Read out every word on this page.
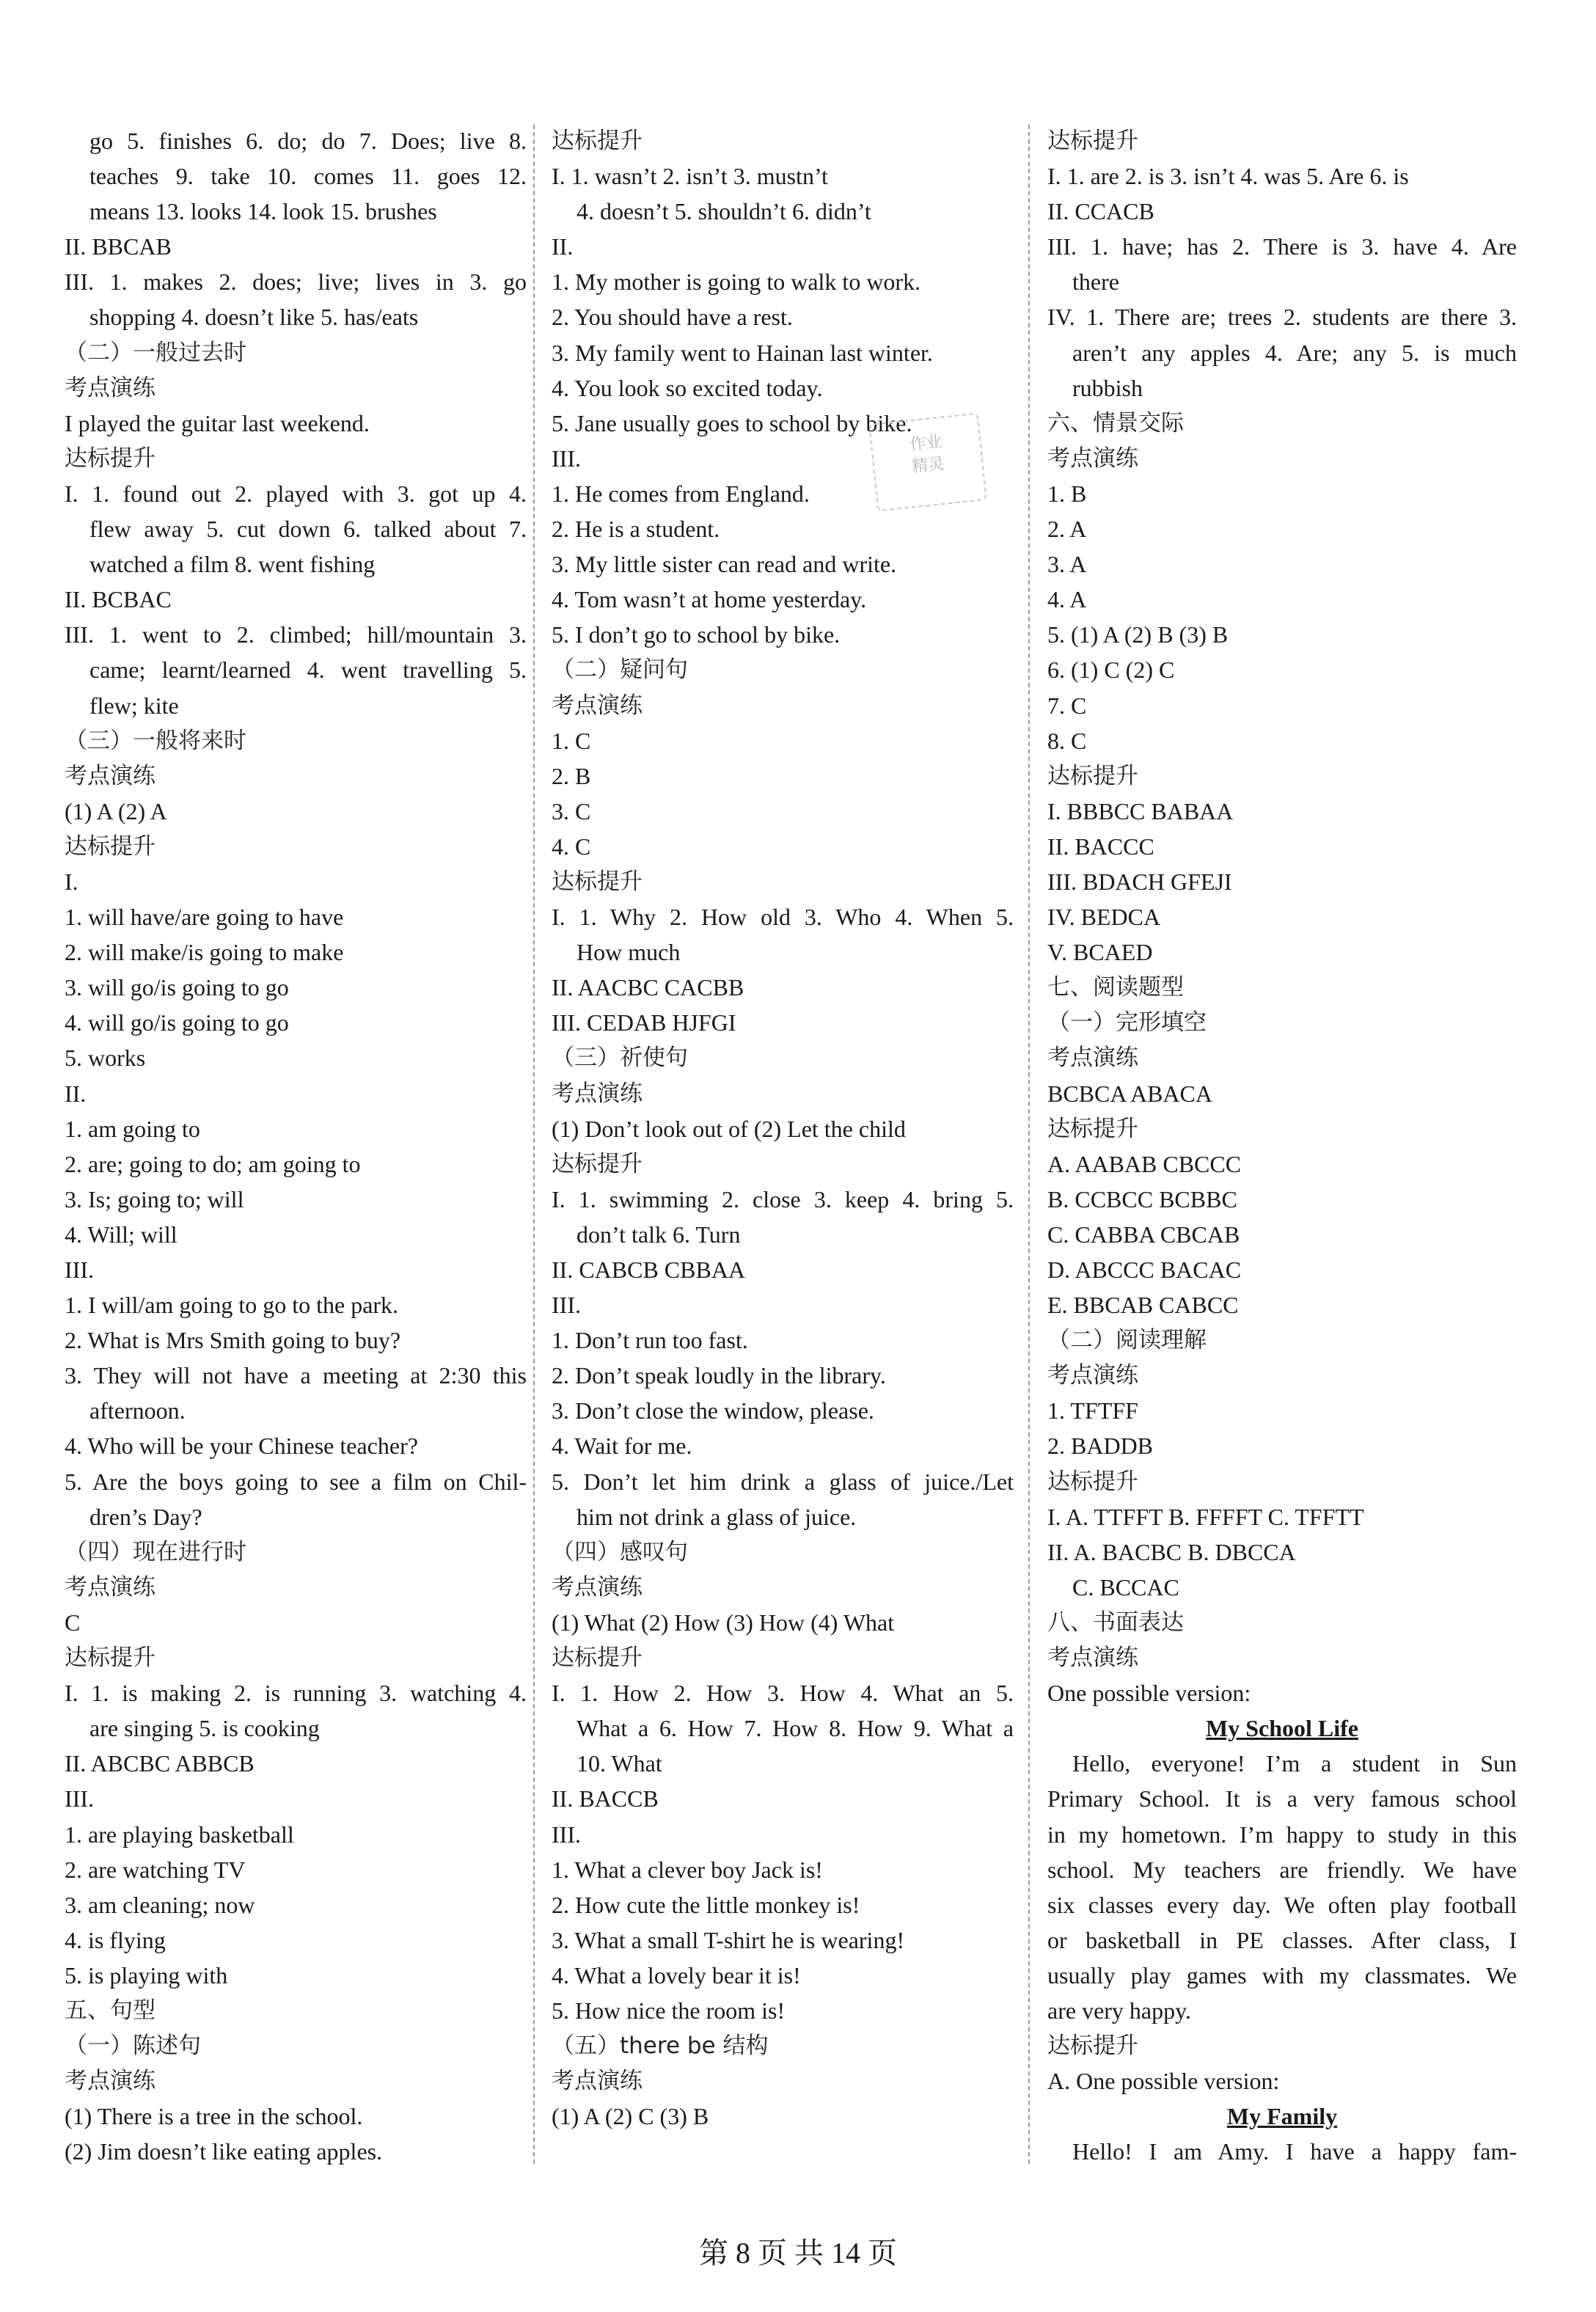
go 5. finishes 6. do; do 7. Does; live 8.
teaches 9. take 10. comes 11. goes 12.
means 13. looks 14. look 15. brushes
II. BBCAB
III. 1. makes 2. does; live; lives in 3. go
shopping 4. doesn’t like 5. has/eats
（二）一般过去时
考点演练
I played the guitar last weekend.
达标提升
I. 1. found out 2. played with 3. got up 4.
flew away 5. cut down 6. talked about 7.
watched a film 8. went fishing
II. BCBAC
III. 1. went to 2. climbed; hill/mountain 3.
came; learnt/learned 4. went travelling 5.
flew; kite
（三）一般将来时
考点演练
(1) A (2) A
达标提升
I.
1. will have/are going to have
2. will make/is going to make
3. will go/is going to go
4. will go/is going to go
5. works
II.
1. am going to
2. are; going to do; am going to
3. Is; going to; will
4. Will; will
III.
1. I will/am going to go to the park.
2. What is Mrs Smith going to buy?
3. They will not have a meeting at 2:30 this
afternoon.
4. Who will be your Chinese teacher?
5. Are the boys going to see a film on Chil-
dren’s Day?
（四）现在进行时
考点演练
C
达标提升
I. 1. is making 2. is running 3. watching 4.
are singing 5. is cooking
II. ABCBC ABBCB
III.
1. are playing basketball
2. are watching TV
3. am cleaning; now
4. is flying
5. is playing with
五、句型
（一）陈述句
考点演练
(1) There is a tree in the school.
(2) Jim doesn’t like eating apples.
达标提升
I. 1. wasn’t 2. isn’t 3. mustn’t
4. doesn’t 5. shouldn’t 6. didn’t
II.
1. My mother is going to walk to work.
2. You should have a rest.
3. My family went to Hainan last winter.
4. You look so excited today.
5. Jane usually goes to school by bike.
III.
1. He comes from England.
2. He is a student.
3. My little sister can read and write.
4. Tom wasn’t at home yesterday.
5. I don’t go to school by bike.
（二）疑问句
考点演练
1. C
2. B
3. C
4. C
达标提升
I. 1. Why 2. How old 3. Who 4. When 5.
How much
II. AACBC CACBB
III. CEDAB HJFGI
（三）祈使句
考点演练
(1) Don’t look out of (2) Let the child
达标提升
I. 1. swimming 2. close 3. keep 4. bring 5.
don’t talk 6. Turn
II. CABCB CBBAA
III.
1. Don’t run too fast.
2. Don’t speak loudly in the library.
3. Don’t close the window, please.
4. Wait for me.
5. Don’t let him drink a glass of juice./Let
him not drink a glass of juice.
（四）感叹句
考点演练
(1) What (2) How (3) How (4) What
达标提升
I. 1. How 2. How 3. How 4. What an 5.
What a 6. How 7. How 8. How 9. What a
10. What
II. BACCB
III.
1. What a clever boy Jack is!
2. How cute the little monkey is!
3. What a small T-shirt he is wearing!
4. What a lovely bear it is!
5. How nice the room is!
（五）there be 结构
考点演练
(1) A (2) C (3) B
达标提升
I. 1. are 2. is 3. isn’t 4. was 5. Are 6. is
II. CCACB
III. 1. have; has 2. There is 3. have 4. Are
there
IV. 1. There are; trees 2. students are there 3.
aren’t any apples 4. Are; any 5. is much
rubbish
六、情景交际
考点演练
1. B
2. A
3. A
4. A
5. (1) A (2) B (3) B
6. (1) C (2) C
7. C
8. C
达标提升
I. BBBCC BABAA
II. BACCC
III. BDACH GFEJI
IV. BEDCA
V. BCAED
七、阅读题型
（一）完形填空
考点演练
BCBCA ABACA
达标提升
A. AABAB CBCCC
B. CCBCC BCBBC
C. CABBA CBCAB
D. ABCCC BACAC
E. BBCAB CABCC
（二）阅读理解
考点演练
1. TFTFF
2. BADDB
达标提升
I. A. TTFFT B. FFFFT C. TFFTT
II. A. BACBC B. DBCCA
C. BCCAC
八、书面表达
考点演练
One possible version:
My School Life
Hello, everyone! I’m a student in Sun
Primary School. It is a very famous school
in my hometown. I’m happy to study in this
school. My teachers are friendly. We have
six classes every day. We often play football
or basketball in PE classes. After class, I
usually play games with my classmates. We
are very happy.
达标提升
A. One possible version:
My Family
Hello! I am Amy. I have a happy fam-
作业
精灵
第 8 页 共 14 页
